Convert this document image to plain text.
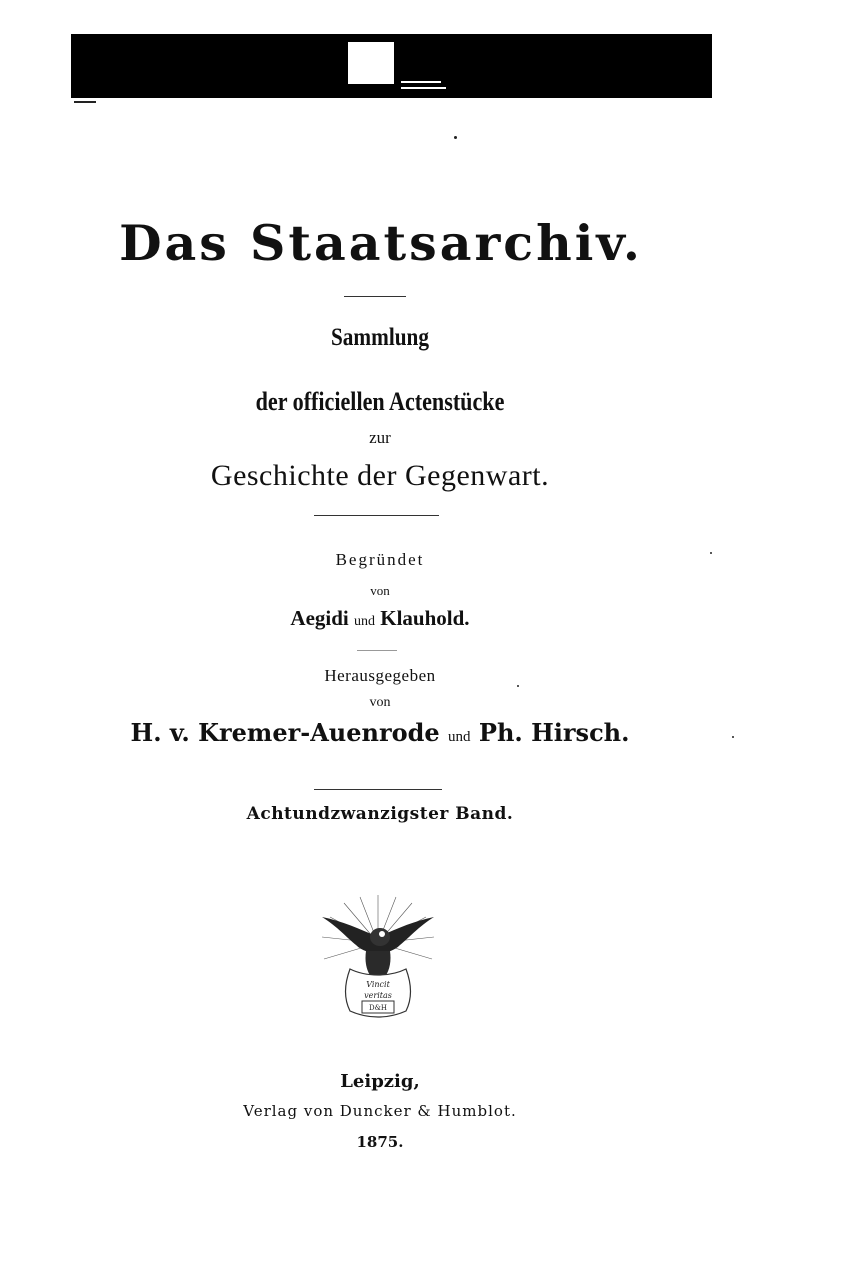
Das Staatsarchiv.
Sammlung
der officiellen Actenstücke
zur
Geschichte der Gegenwart.
Begründet
von
Aegidi und Klauhold.
Herausgegeben
von
H. v. Kremer-Auenrode und Ph. Hirsch.
Achtundzwanzigster Band.
Vincit
veritas
D&H
Leipzig,
Verlag von Duncker & Humblot.
1875.
